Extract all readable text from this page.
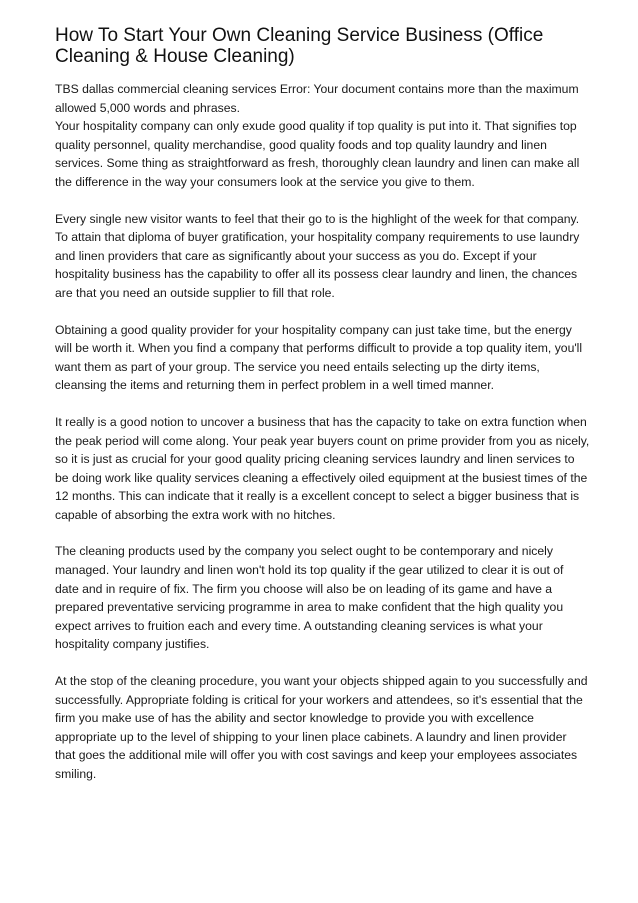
How To Start Your Own Cleaning Service Business (Office Cleaning & House Cleaning)

TBS dallas commercial cleaning services Error: Your document contains more than the maximum allowed 5,000 words and phrases.

Your hospitality company can only exude good quality if top quality is put into it. That signifies top quality personnel, quality merchandise, good quality foods and top quality laundry and linen services. Some thing as straightforward as fresh, thoroughly clean laundry and linen can make all the difference in the way your consumers look at the service you give to them.

Every single new visitor wants to feel that their go to is the highlight of the week for that company. To attain that diploma of buyer gratification, your hospitality company requirements to use laundry and linen providers that care as significantly about your success as you do. Except if your hospitality business has the capability to offer all its possess clear laundry and linen, the chances are that you need an outside supplier to fill that role.

Obtaining a good quality provider for your hospitality company can just take time, but the energy will be worth it. When you find a company that performs difficult to provide a top quality item, you'll want them as part of your group. The service you need entails selecting up the dirty items, cleansing the items and returning them in perfect problem in a well timed manner.

It really is a good notion to uncover a business that has the capacity to take on extra function when the peak period will come along. Your peak year buyers count on prime provider from you as nicely, so it is just as crucial for your good quality pricing cleaning services laundry and linen services to be doing work like quality services cleaning a effectively oiled equipment at the busiest times of the 12 months. This can indicate that it really is a excellent concept to select a bigger business that is capable of absorbing the extra work with no hitches.

The cleaning products used by the company you select ought to be contemporary and nicely managed. Your laundry and linen won't hold its top quality if the gear utilized to clear it is out of date and in require of fix. The firm you choose will also be on leading of its game and have a prepared preventative servicing programme in area to make confident that the high quality you expect arrives to fruition each and every time. A outstanding cleaning services is what your hospitality company justifies.

At the stop of the cleaning procedure, you want your objects shipped again to you successfully and successfully. Appropriate folding is critical for your workers and attendees, so it's essential that the firm you make use of has the ability and sector knowledge to provide you with excellence appropriate up to the level of shipping to your linen place cabinets. A laundry and linen provider that goes the additional mile will offer you with cost savings and keep your employees associates smiling.
